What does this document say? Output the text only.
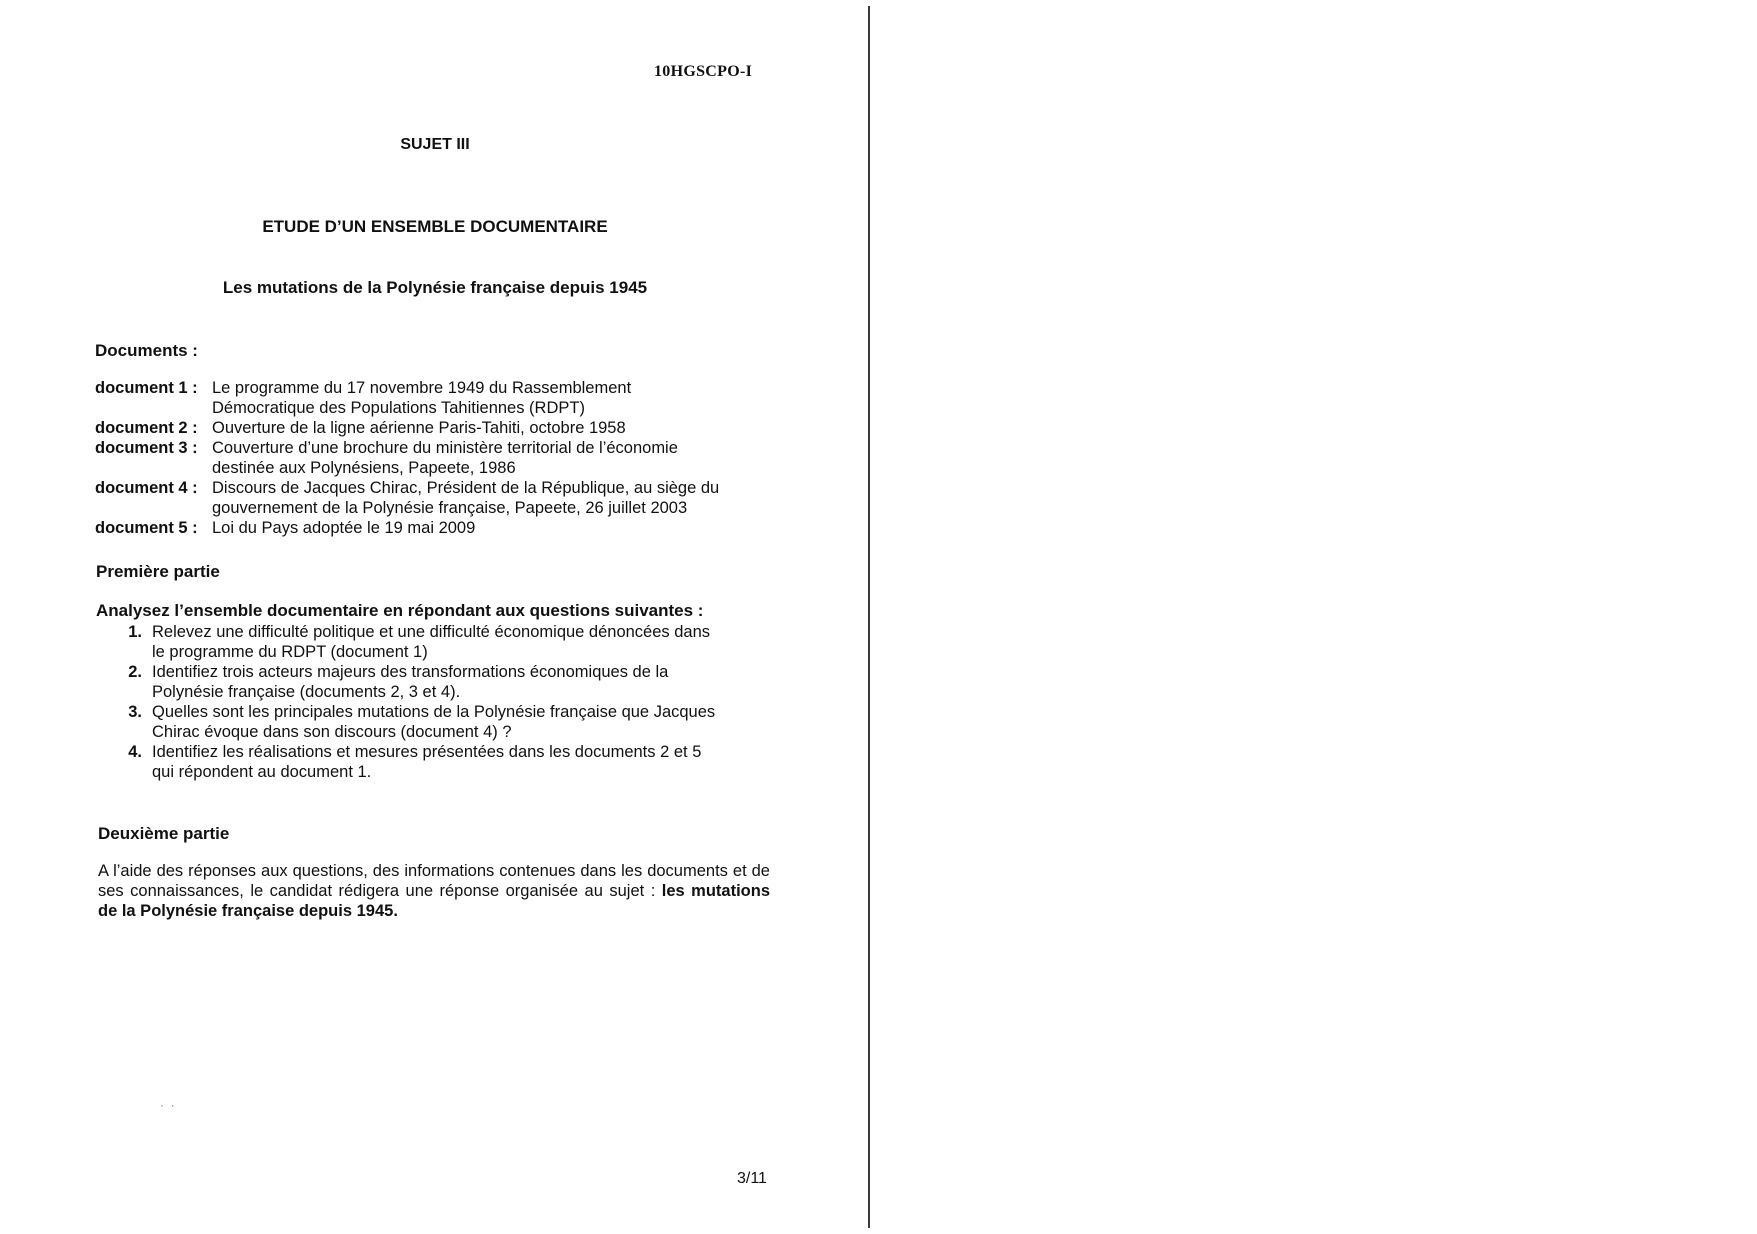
10HGSCPO-I
SUJET III
ETUDE D’UN ENSEMBLE DOCUMENTAIRE
Les mutations de la Polynésie française depuis 1945
Documents :
document 1 : Le programme du 17 novembre 1949 du Rassemblement
Démocratique des Populations Tahitiennes (RDPT)
document 2 : Ouverture de la ligne aérienne Paris-Tahiti, octobre 1958
document 3 : Couverture d’une brochure du ministère territorial de l’économie
destinée aux Polynésiens, Papeete, 1986
document 4 : Discours de Jacques Chirac, Président de la République, au siège du
gouvernement de la Polynésie française, Papeete, 26 juillet 2003
document 5 : Loi du Pays adoptée le 19 mai 2009
Première partie
Analysez l’ensemble documentaire en répondant aux questions suivantes :
1. Relevez une difficulté politique et une difficulté économique dénoncées dans
le programme du RDPT (document 1)
2. Identifiez trois acteurs majeurs des transformations économiques de la
Polynésie française (documents 2, 3 et 4).
3. Quelles sont les principales mutations de la Polynésie française que Jacques
Chirac évoque dans son discours (document 4) ?
4. Identifiez les réalisations et mesures présentées dans les documents 2 et 5
qui répondent au document 1.
Deuxième partie
A l’aide des réponses aux questions, des informations contenues dans les documents et de ses connaissances, le candidat rédigera une réponse organisée au sujet : les mutations de la Polynésie française depuis 1945.
·  ·
3/11
